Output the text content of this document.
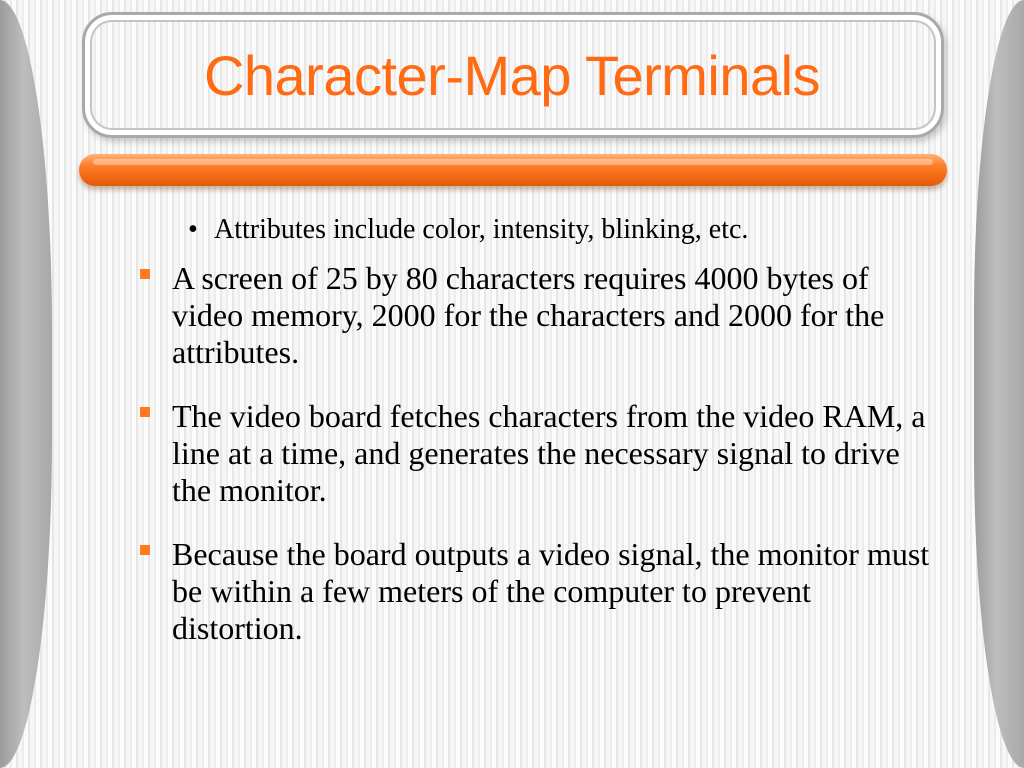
Character-Map Terminals
• Attributes include color, intensity, blinking, etc.
A screen of 25 by 80 characters requires 4000 bytes of video memory, 2000 for the characters and 2000 for the attributes.
The video board fetches characters from the video RAM, a line at a time, and generates the necessary signal to drive the monitor.
Because the board outputs a video signal, the monitor must be within a few meters of the computer to prevent distortion.
